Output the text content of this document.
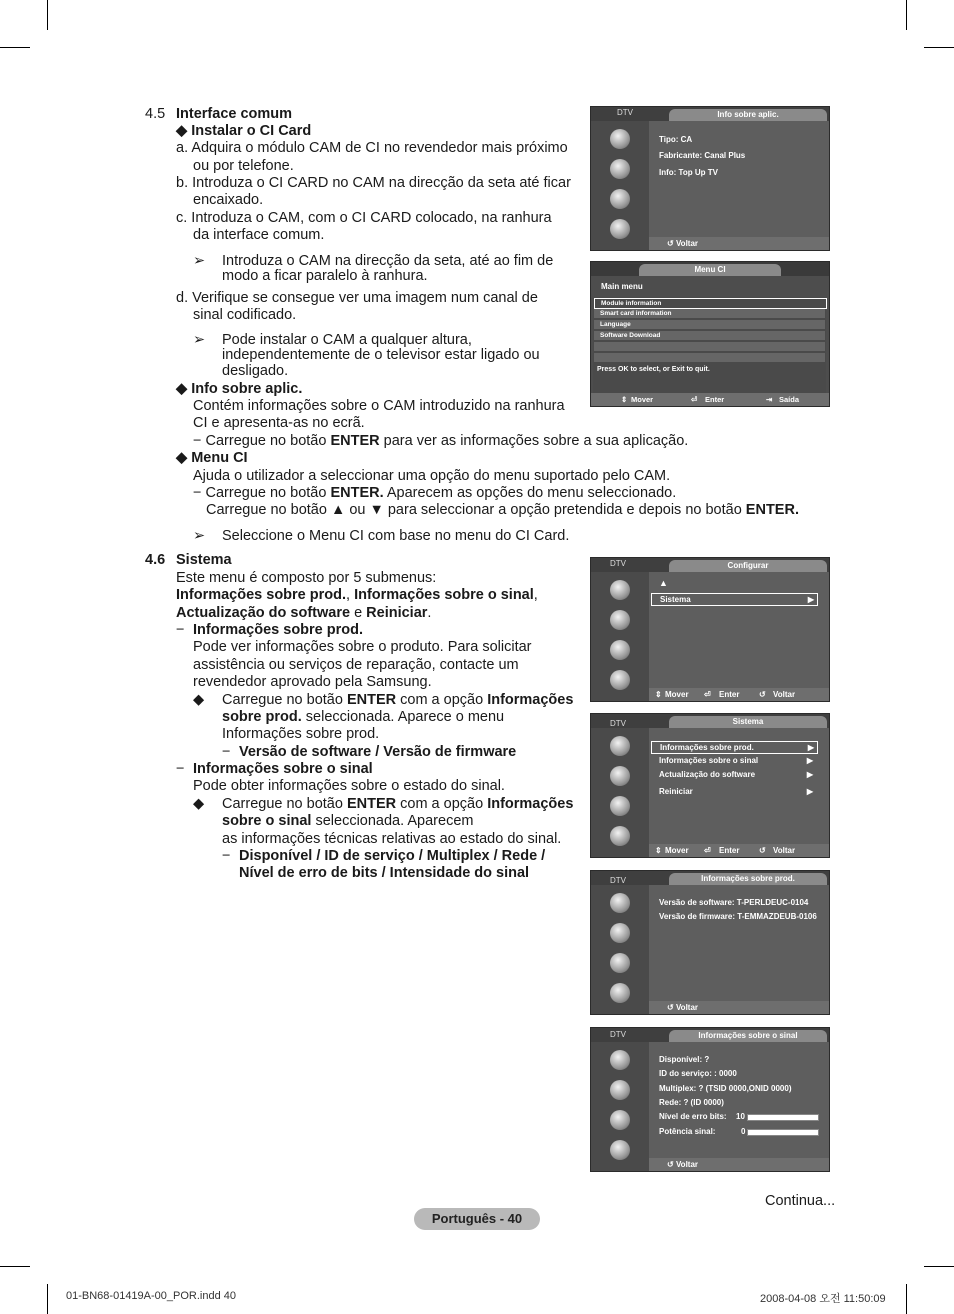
4.5 Interface comum
◆ Instalar o CI Card
a. Adquira o módulo CAM de CI no revendedor mais próximo
ou por telefone.
b. Introduza o CI CARD no CAM na direcção da seta até ficar
encaixado.
c. Introduza o CAM, com o CI CARD colocado, na ranhura
da interface comum.
➢ Introduza o CAM na direcção da seta, até ao fim de
modo a ficar paralelo à ranhura.
d. Verifique se consegue ver uma imagem num canal de
sinal codificado.
➢ Pode instalar o CAM a qualquer altura,
independentemente de o televisor estar ligado ou
desligado.
◆ Info sobre aplic.
Contém informações sobre o CAM introduzido na ranhura
CI e apresenta-as no ecrã.
− Carregue no botão ENTER para ver as informações sobre a sua aplicação.
◆ Menu CI
Ajuda o utilizador a seleccionar uma opção do menu suportado pelo CAM.
− Carregue no botão ENTER. Aparecem as opções do menu seleccionado.
Carregue no botão ▲ ou ▼ para seleccionar a opção pretendida e depois no botão ENTER.
➢ Seleccione o Menu CI com base no menu do CI Card.
4.6 Sistema
Este menu é composto por 5 submenus:
Informações sobre prod., Informações sobre o sinal,
Actualização do software e Reiniciar.
− Informações sobre prod.
Pode ver informações sobre o produto. Para solicitar
assistência ou serviços de reparação, contacte um
revendedor aprovado pela Samsung.
◆ Carregue no botão ENTER com a opção Informações
sobre prod. seleccionada. Aparece o menu
Informações sobre prod.
− Versão de software / Versão de firmware
− Informações sobre o sinal
Pode obter informações sobre o estado do sinal.
◆ Carregue no botão ENTER com a opção Informações
sobre o sinal seleccionada. Aparecem
as informações técnicas relativas ao estado do sinal.
− Disponível / ID de serviço / Multiplex / Rede /
Nível de erro de bits / Intensidade do sinal
DTV	Info sobre aplic.
Tipo: CA
Fabricante: Canal Plus
Info: Top Up TV
↺ Voltar
Menu CI
Main menu
Module information
Smart card information
Language
Software Download
Press OK to select, or Exit to quit.
⇕ Mover	⏎ Enter	⇥ Saída
DTV	Configurar
▲
Sistema	▶
⇕ Mover ⏎ Enter ↺ Voltar
DTV	Sistema
Informações sobre prod.	▶
Informações sobre o sinal	▶
Actualização do software	▶
Reiniciar	▶
⇕ Mover ⏎ Enter ↺ Voltar
DTV	Informações sobre prod.
Versão de software: T-PERLDEUC-0104
Versão de firmware: T-EMMAZDEUB-0106
↺ Voltar
DTV	Informações sobre o sinal
Disponível: ?
ID do serviço: : 0000
Multiplex: ? (TSID 0000,ONID 0000)
Rede: ? (ID 0000)
Nível de erro bits: 10
Potência sinal:	0
↺ Voltar
Continua...
Português - 40
01-BN68-01419A-00_POR.indd 40	2008-04-08 오전 11:50:09
